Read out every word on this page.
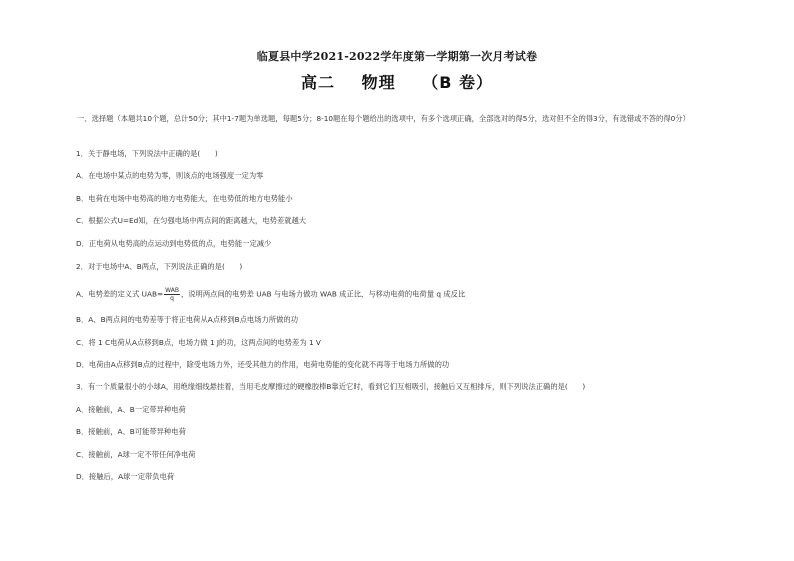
临夏县中学2021-2022学年度第一学期第一次月考试卷
高二 物理 （B 卷）
一、选择题（本题共10个题，总计50分；其中1-7题为单选题，每题5分；8-10题在每个题给出的选项中，有多个选项正确，全部选对的得5分，选对但不全的得3分，有选错或不答的得0分）
1．关于静电场，下列说法中正确的是(　　)
A．在电场中某点的电势为零，则该点的电场强度一定为零
B．电荷在电场中电势高的地方电势能大，在电势低的地方电势能小
C．根据公式U=Ed知，在匀强电场中两点间的距离越大，电势差就越大
D．正电荷从电势高的点运动到电势低的点，电势能一定减少
2．对于电场中A、B两点，下列说法正确的是(　　)
A．电势差的定义式 $UAB= \frac{\text{WAB}}{q}$ ，说明两点间的电势差 UAB 与电场力做功 WAB 成正比，与移动电荷的电荷量 q 成反比
B．A、B两点间的电势差等于将正电荷从A点移到B点电场力所做的功
C．将 1 C电荷从A点移到B点，电场力做 1 J的功，这两点间的电势差为 1 V
D．电荷由A点移到B点的过程中，除受电场力外，还受其他力的作用，电荷电势能的变化就不再等于电场力所做的功
3．有一个质量很小的小球A，用绝缘细线悬挂着，当用毛皮摩擦过的硬橡胶棒B靠近它时，看到它们互相吸引，接触后又互相排斥，则下列说法正确的是(　　)
A．接触前，A、B一定带异种电荷
B．接触前，A、B可能带异种电荷
C．接触前，A球一定不带任何净电荷
D．接触后，A球一定带负电荷
